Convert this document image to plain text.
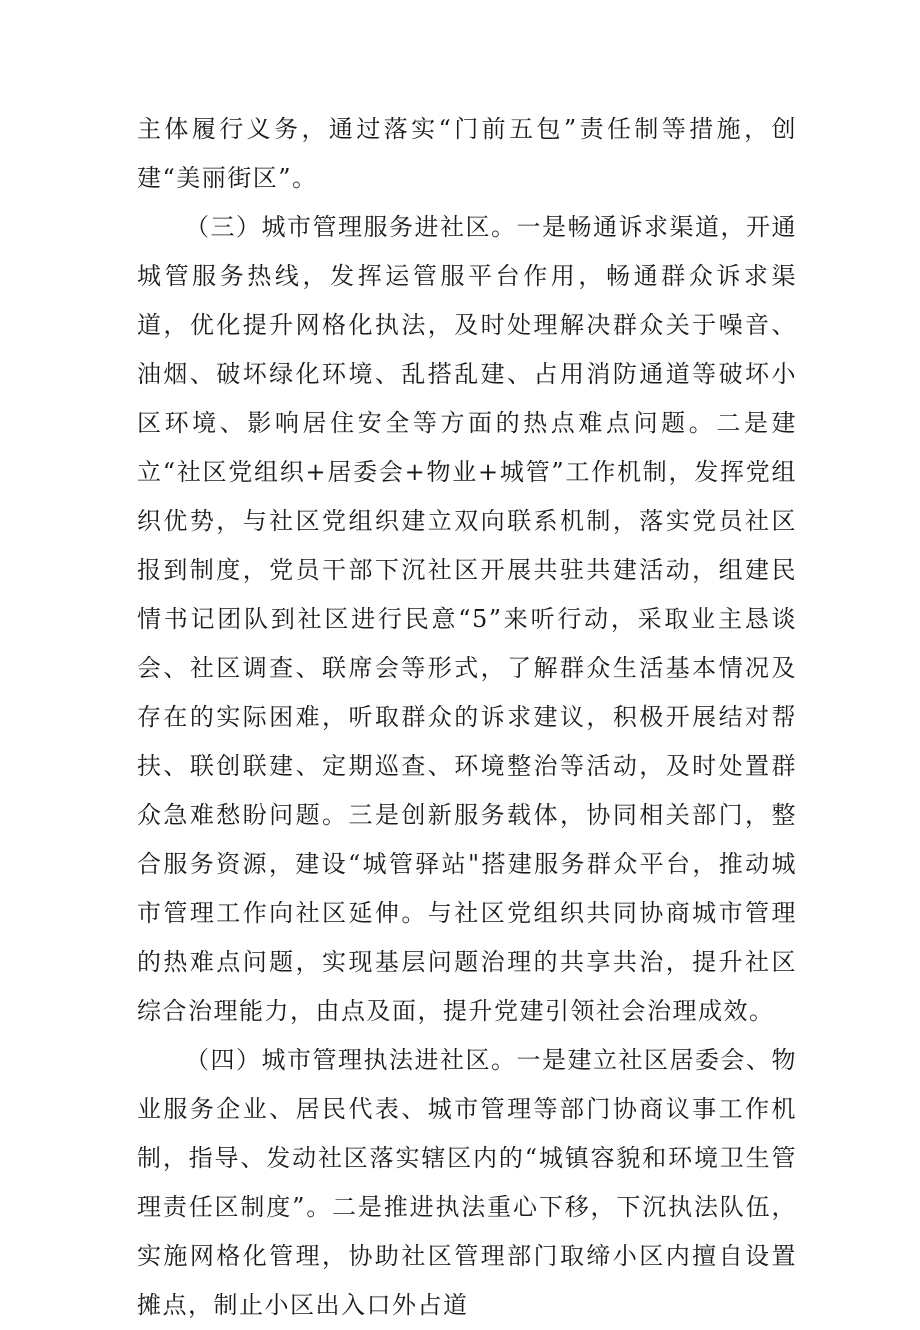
主体履行义务，通过落实“门前五包”责任制等措施，创建“美丽街区”。

（三）城市管理服务进社区。一是畅通诉求渠道，开通城管服务热线，发挥运管服平台作用，畅通群众诉求渠道，优化提升网格化执法，及时处理解决群众关于噪音、油烟、破坏绿化环境、乱搭乱建、占用消防通道等破坏小区环境、影响居住安全等方面的热点难点问题。二是建立“社区党组织+居委会+物业+城管”工作机制，发挥党组织优势，与社区党组织建立双向联系机制，落实党员社区报到制度，党员干部下沉社区开展共驻共建活动，组建民情书记团队到社区进行民意“5”来听行动，采取业主恳谈会、社区调查、联席会等形式，了解群众生活基本情况及存在的实际困难，听取群众的诉求建议，积极开展结对帮扶、联创联建、定期巡查、环境整治等活动，及时处置群众急难愁盼问题。三是创新服务载体，协同相关部门，整合服务资源，建设“城管驿站"搭建服务群众平台，推动城市管理工作向社区延伸。与社区党组织共同协商城市管理的热难点问题，实现基层问题治理的共享共治，提升社区综合治理能力，由点及面，提升党建引领社会治理成效。

（四）城市管理执法进社区。一是建立社区居委会、物业服务企业、居民代表、城市管理等部门协商议事工作机制，指导、发动社区落实辖区内的“城镇容貌和环境卫生管理责任区制度”。二是推进执法重心下移，下沉执法队伍，实施网格化管理，协助社区管理部门取缔小区内擅自设置摊点，制止小区出入口外占道
